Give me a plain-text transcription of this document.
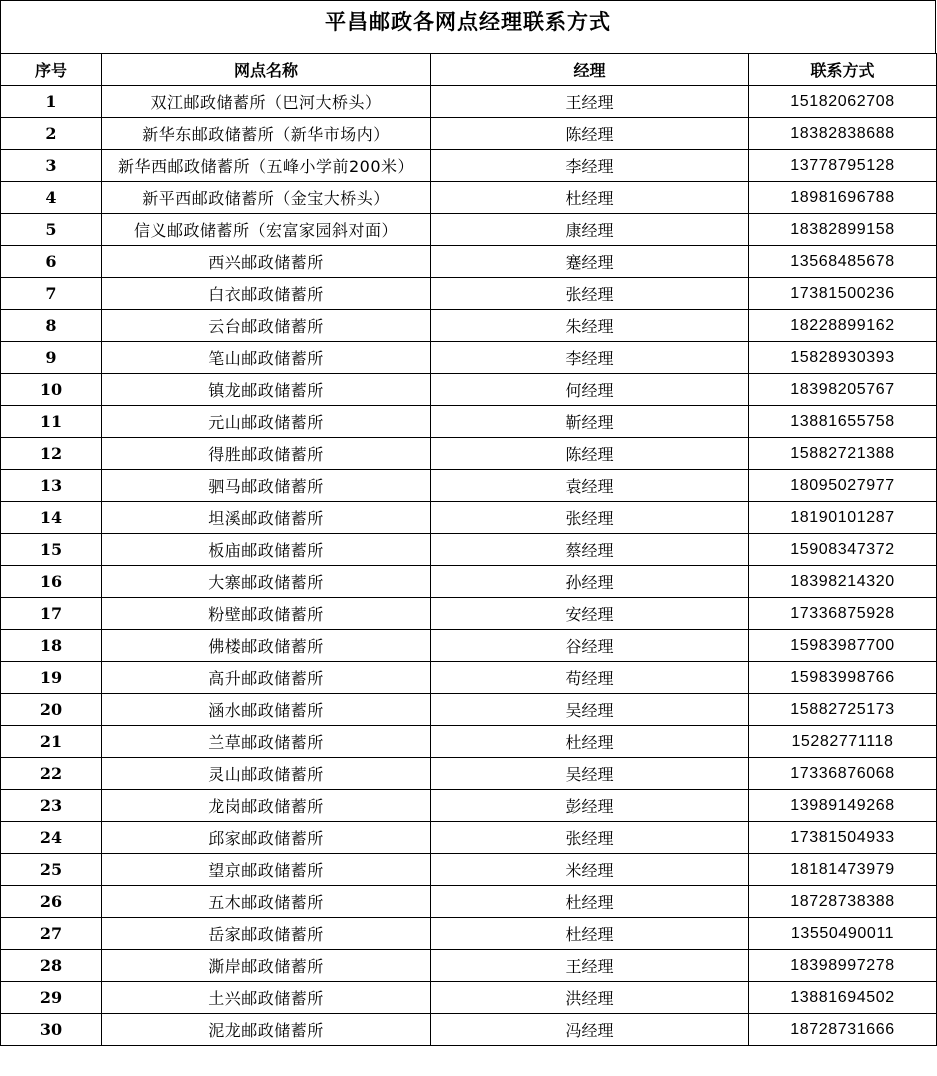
平昌邮政各网点经理联系方式
序号	网点名称	经理	联系方式
1	双江邮政储蓄所（巴河大桥头）	王经理	15182062708
2	新华东邮政储蓄所（新华市场内）	陈经理	18382838688
3	新华西邮政储蓄所（五峰小学前200米）	李经理	13778795128
4	新平西邮政储蓄所（金宝大桥头）	杜经理	18981696788
5	信义邮政储蓄所（宏富家园斜对面）	康经理	18382899158
6	西兴邮政储蓄所	蹇经理	13568485678
7	白衣邮政储蓄所	张经理	17381500236
8	云台邮政储蓄所	朱经理	18228899162
9	笔山邮政储蓄所	李经理	15828930393
10	镇龙邮政储蓄所	何经理	18398205767
11	元山邮政储蓄所	靳经理	13881655758
12	得胜邮政储蓄所	陈经理	15882721388
13	驷马邮政储蓄所	袁经理	18095027977
14	坦溪邮政储蓄所	张经理	18190101287
15	板庙邮政储蓄所	蔡经理	15908347372
16	大寨邮政储蓄所	孙经理	18398214320
17	粉壁邮政储蓄所	安经理	17336875928
18	佛楼邮政储蓄所	谷经理	15983987700
19	高升邮政储蓄所	苟经理	15983998766
20	涵水邮政储蓄所	吴经理	15882725173
21	兰草邮政储蓄所	杜经理	15282771118
22	灵山邮政储蓄所	吴经理	17336876068
23	龙岗邮政储蓄所	彭经理	13989149268
24	邱家邮政储蓄所	张经理	17381504933
25	望京邮政储蓄所	米经理	18181473979
26	五木邮政储蓄所	杜经理	18728738388
27	岳家邮政储蓄所	杜经理	13550490011
28	澌岸邮政储蓄所	王经理	18398997278
29	土兴邮政储蓄所	洪经理	13881694502
30	泥龙邮政储蓄所	冯经理	18728731666
